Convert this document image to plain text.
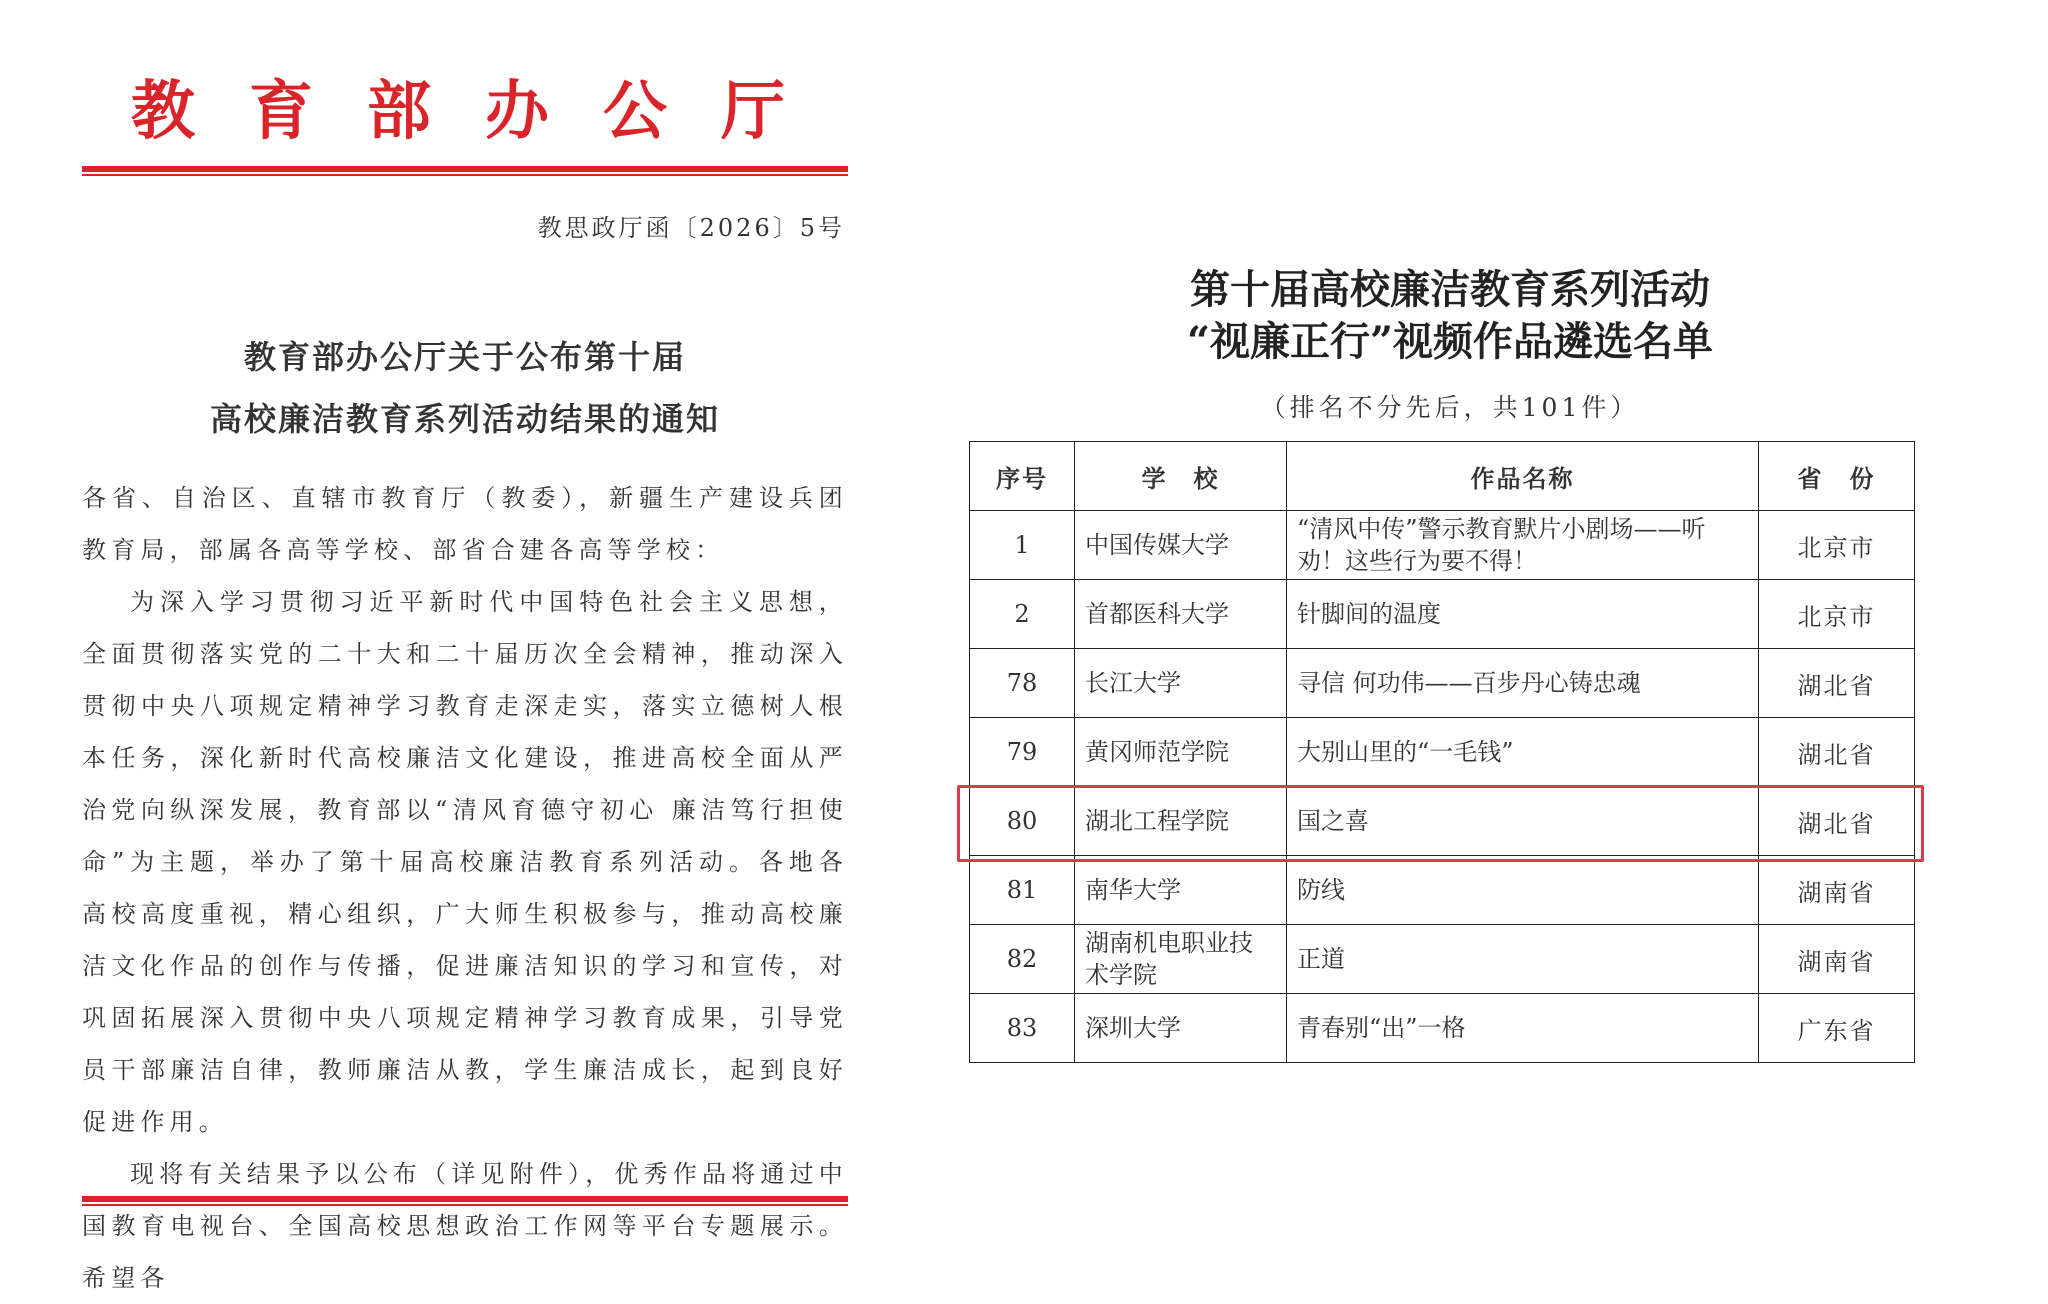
教育部办公厅
教思政厅函〔2026〕5号
教育部办公厅关于公布第十届
高校廉洁教育系列活动结果的通知

各省、自治区、直辖市教育厅（教委），新疆生产建设兵团教育局，部属各高等学校、部省合建各高等学校：

为深入学习贯彻习近平新时代中国特色社会主义思想，全面贯彻落实党的二十大和二十届历次全会精神，推动深入贯彻中央八项规定精神学习教育走深走实，落实立德树人根本任务，深化新时代高校廉洁文化建设，推进高校全面从严治党向纵深发展，教育部以“清风育德守初心 廉洁笃行担使命”为主题，举办了第十届高校廉洁教育系列活动。各地各高校高度重视，精心组织，广大师生积极参与，推动高校廉洁文化作品的创作与传播，促进廉洁知识的学习和宣传，对巩固拓展深入贯彻中央八项规定精神学习教育成果，引导党员干部廉洁自律，教师廉洁从教，学生廉洁成长，起到良好促进作用。

现将有关结果予以公布（详见附件），优秀作品将通过中国教育电视台、全国高校思想政治工作网等平台专题展示。希望各

第十届高校廉洁教育系列活动
“视廉正行”视频作品遴选名单
（排名不分先后，共101件）
序号	学　校	作品名称	省　份
1	中国传媒大学	“清风中传”警示教育默片小剧场——听劝！这些行为要不得！	北京市
2	首都医科大学	针脚间的温度	北京市
78	长江大学	寻信 何功伟——百步丹心铸忠魂	湖北省
79	黄冈师范学院	大别山里的“一毛钱”	湖北省
80	湖北工程学院	国之喜	湖北省
81	南华大学	防线	湖南省
82	湖南机电职业技术学院	正道	湖南省
83	深圳大学	青春别“出”一格	广东省
